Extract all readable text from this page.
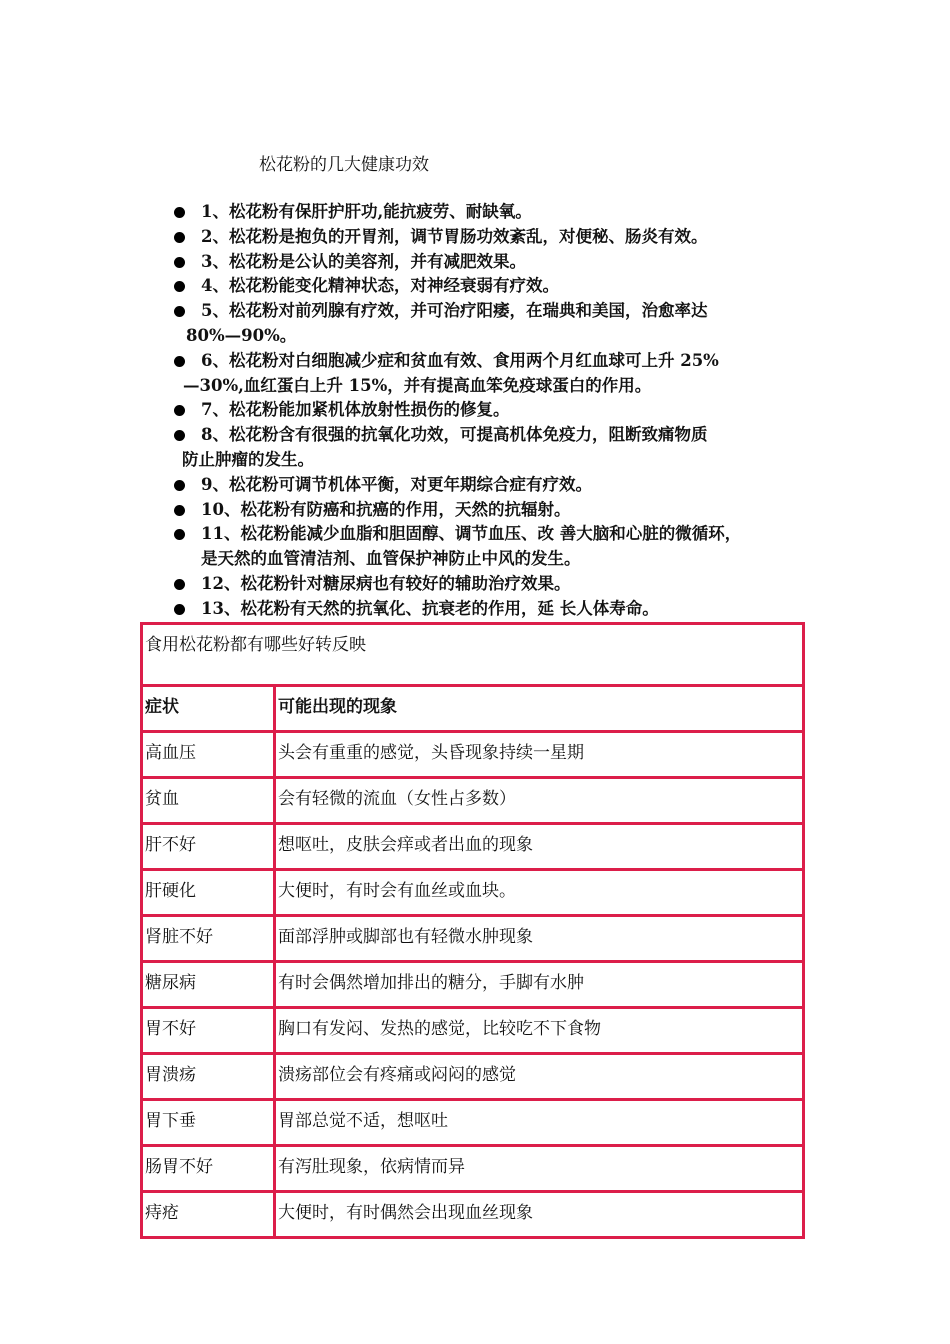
松花粉的几大健康功效
1、松花粉有保肝护肝功,能抗疲劳、耐缺氧。
2、松花粉是抱负的开胃剂，调节胃肠功效紊乱，对便秘、肠炎有效。
3、松花粉是公认的美容剂，并有减肥效果。
4、松花粉能变化精神状态，对神经衰弱有疗效。
5、松花粉对前列腺有疗效，并可治疗阳痿，在瑞典和美国，治愈率达
80%—90%。
6、松花粉对白细胞减少症和贫血有效、食用两个月红血球可上升 25%
—30%,血红蛋白上升 15%，并有提高血笨免疫球蛋白的作用。
7、松花粉能加紧机体放射性损伤的修复。
8、松花粉含有很强的抗氧化功效，可提高机体免疫力，阻断致痛物质
防止肿瘤的发生。
9、松花粉可调节机体平衡，对更年期综合症有疗效。
10、松花粉有防癌和抗癌的作用，天然的抗辐射。
11、松花粉能减少血脂和胆固醇、调节血压、改 善大脑和心脏的微循环，
是天然的血管清洁剂、血管保护神防止中风的发生。
12、松花粉针对糖尿病也有较好的辅助治疗效果。
13、松花粉有天然的抗氧化、抗衰老的作用，延 长人体寿命。
食用松花粉都有哪些好转反映	
症状	可能出现的现象
高血压	头会有重重的感觉，头昏现象持续一星期
贫血	会有轻微的流血（女性占多数）
肝不好	想呕吐，皮肤会痒或者出血的现象
肝硬化	大便时，有时会有血丝或血块。
肾脏不好	面部浮肿或脚部也有轻微水肿现象
糖尿病	有时会偶然增加排出的糖分，手脚有水肿
胃不好	胸口有发闷、发热的感觉，比较吃不下食物
胃溃疡	溃疡部位会有疼痛或闷闷的感觉
胃下垂	胃部总觉不适，想呕吐
肠胃不好	有泻肚现象，依病情而异
痔疮	大便时，有时偶然会出现血丝现象
